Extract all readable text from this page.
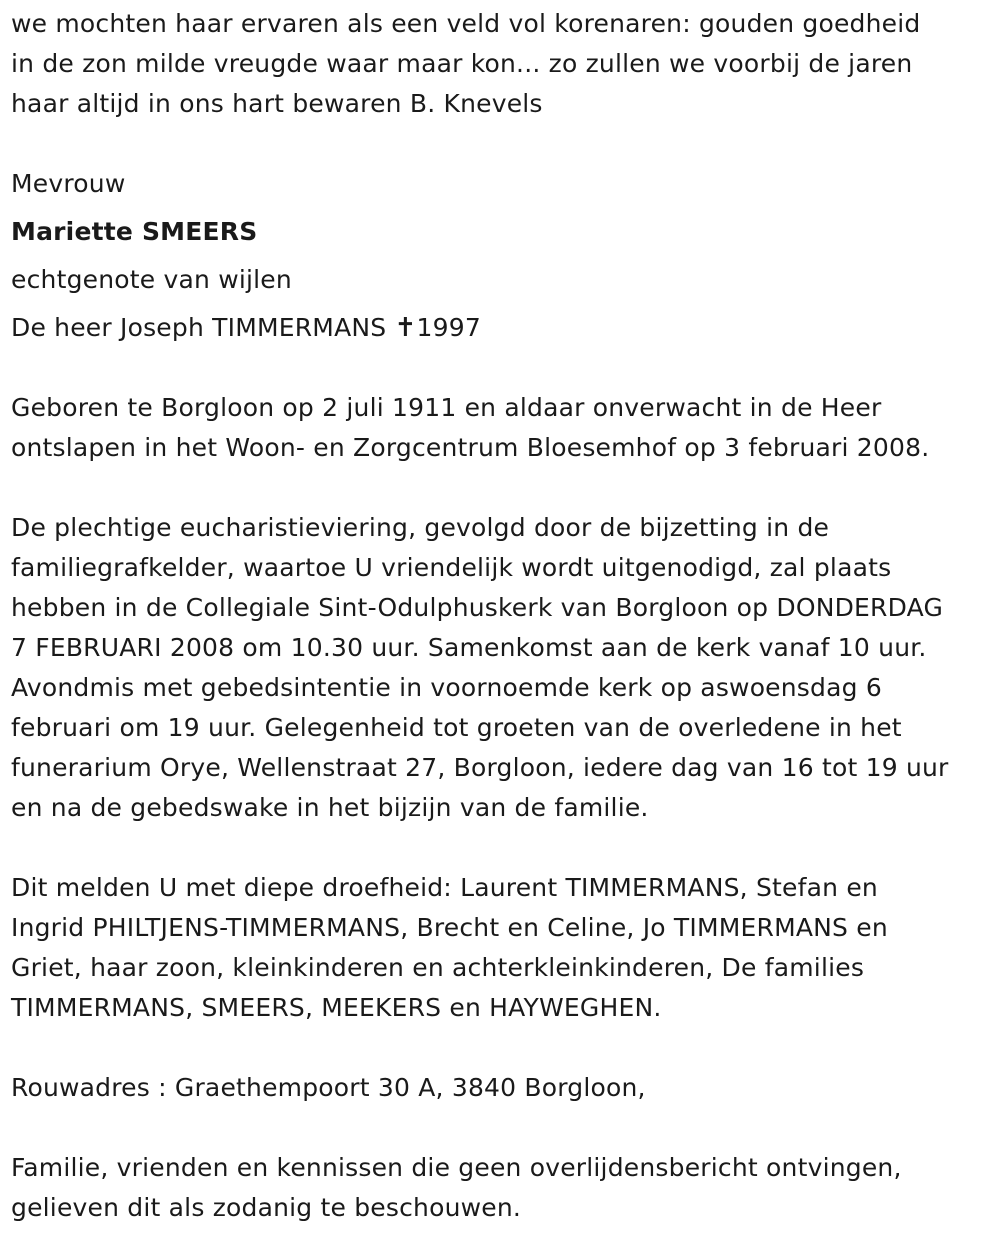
we mochten haar ervaren als een veld vol korenaren: gouden goedheid
in de zon milde vreugde waar maar kon... zo zullen we voorbij de jaren
haar altijd in ons hart bewaren B. Knevels

Mevrouw
Mariette SMEERS
echtgenote van wijlen
De heer Joseph TIMMERMANS ✝1997

Geboren te Borgloon op 2 juli 1911 en aldaar onverwacht in de Heer
ontslapen in het Woon- en Zorgcentrum Bloesemhof op 3 februari 2008.

De plechtige eucharistieviering, gevolgd door de bijzetting in de
familiegrafkelder, waartoe U vriendelijk wordt uitgenodigd, zal plaats
hebben in de Collegiale Sint-Odulphuskerk van Borgloon op DONDERDAG
7 FEBRUARI 2008 om 10.30 uur. Samenkomst aan de kerk vanaf 10 uur.
Avondmis met gebedsintentie in voornoemde kerk op aswoensdag 6
februari om 19 uur. Gelegenheid tot groeten van de overledene in het
funerarium Orye, Wellenstraat 27, Borgloon, iedere dag van 16 tot 19 uur
en na de gebedswake in het bijzijn van de familie.

Dit melden U met diepe droefheid: Laurent TIMMERMANS, Stefan en
Ingrid PHILTJENS-TIMMERMANS, Brecht en Celine, Jo TIMMERMANS en
Griet, haar zoon, kleinkinderen en achterkleinkinderen, De families
TIMMERMANS, SMEERS, MEEKERS en HAYWEGHEN.

Rouwadres : Graethempoort 30 A, 3840 Borgloon,

Familie, vrienden en kennissen die geen overlijdensbericht ontvingen,
gelieven dit als zodanig te beschouwen.
